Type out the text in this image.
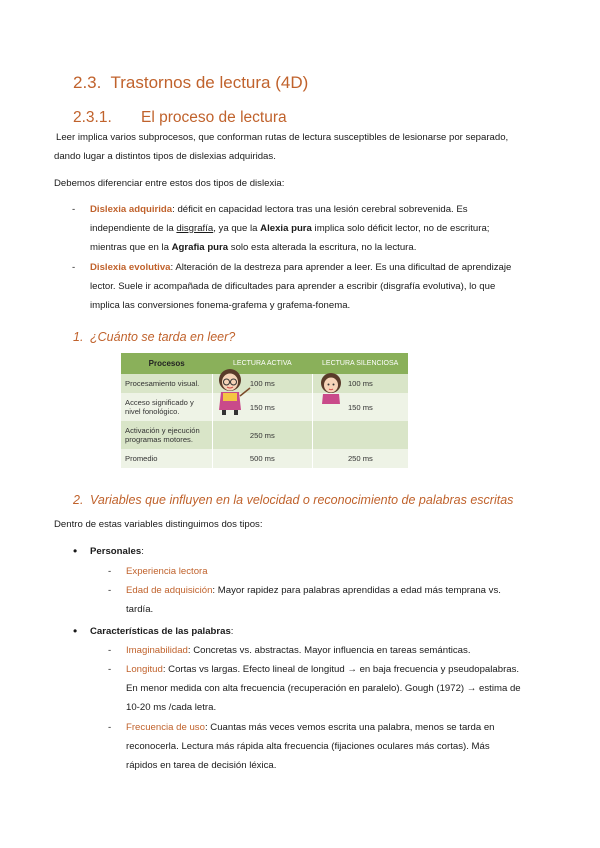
2.3. Trastornos de lectura (4D)
2.3.1. El proceso de lectura
Leer implica varios subprocesos, que conforman rutas de lectura susceptibles de lesionarse por separado,
dando lugar a distintos tipos de dislexias adquiridas.
Debemos diferenciar entre estos dos tipos de dislexia:
- Dislexia adquirida: déficit en capacidad lectora tras una lesión cerebral sobrevenida. Es
independiente de la disgrafía, ya que la Alexia pura implica solo déficit lector, no de escritura;
mientras que en la Agrafia pura solo esta alterada la escritura, no la lectura.
- Dislexia evolutiva: Alteración de la destreza para aprender a leer. Es una dificultad de aprendizaje
lector. Suele ir acompañada de dificultades para aprender a escribir (disgrafía evolutiva), lo que
implica las conversiones fonema-grafema y grafema-fonema.
1. ¿Cuánto se tarda en leer?
Procesos	LECTURA ACTIVA	LECTURA SILENCIOSA
Procesamiento visual.	100 ms	100 ms
Acceso significado y nivel fonológico.	150 ms	150 ms
Activación y ejecución programas motores.	250 ms	
Promedio	500 ms	250 ms
2. Variables que influyen en la velocidad o reconocimiento de palabras escritas
Dentro de estas variables distinguimos dos tipos:
• Personales:
- Experiencia lectora
- Edad de adquisición: Mayor rapidez para palabras aprendidas a edad más temprana vs.
tardía.
• Características de las palabras:
- Imaginabilidad: Concretas vs. abstractas. Mayor influencia en tareas semánticas.
- Longitud: Cortas vs largas. Efecto lineal de longitud → en baja frecuencia y pseudopalabras.
En menor medida con alta frecuencia (recuperación en paralelo). Gough (1972) → estima de
10-20 ms /cada letra.
- Frecuencia de uso: Cuantas más veces vemos escrita una palabra, menos se tarda en
reconocerla. Lectura más rápida alta frecuencia (fijaciones oculares más cortas). Más
rápidos en tarea de decisión léxica.
